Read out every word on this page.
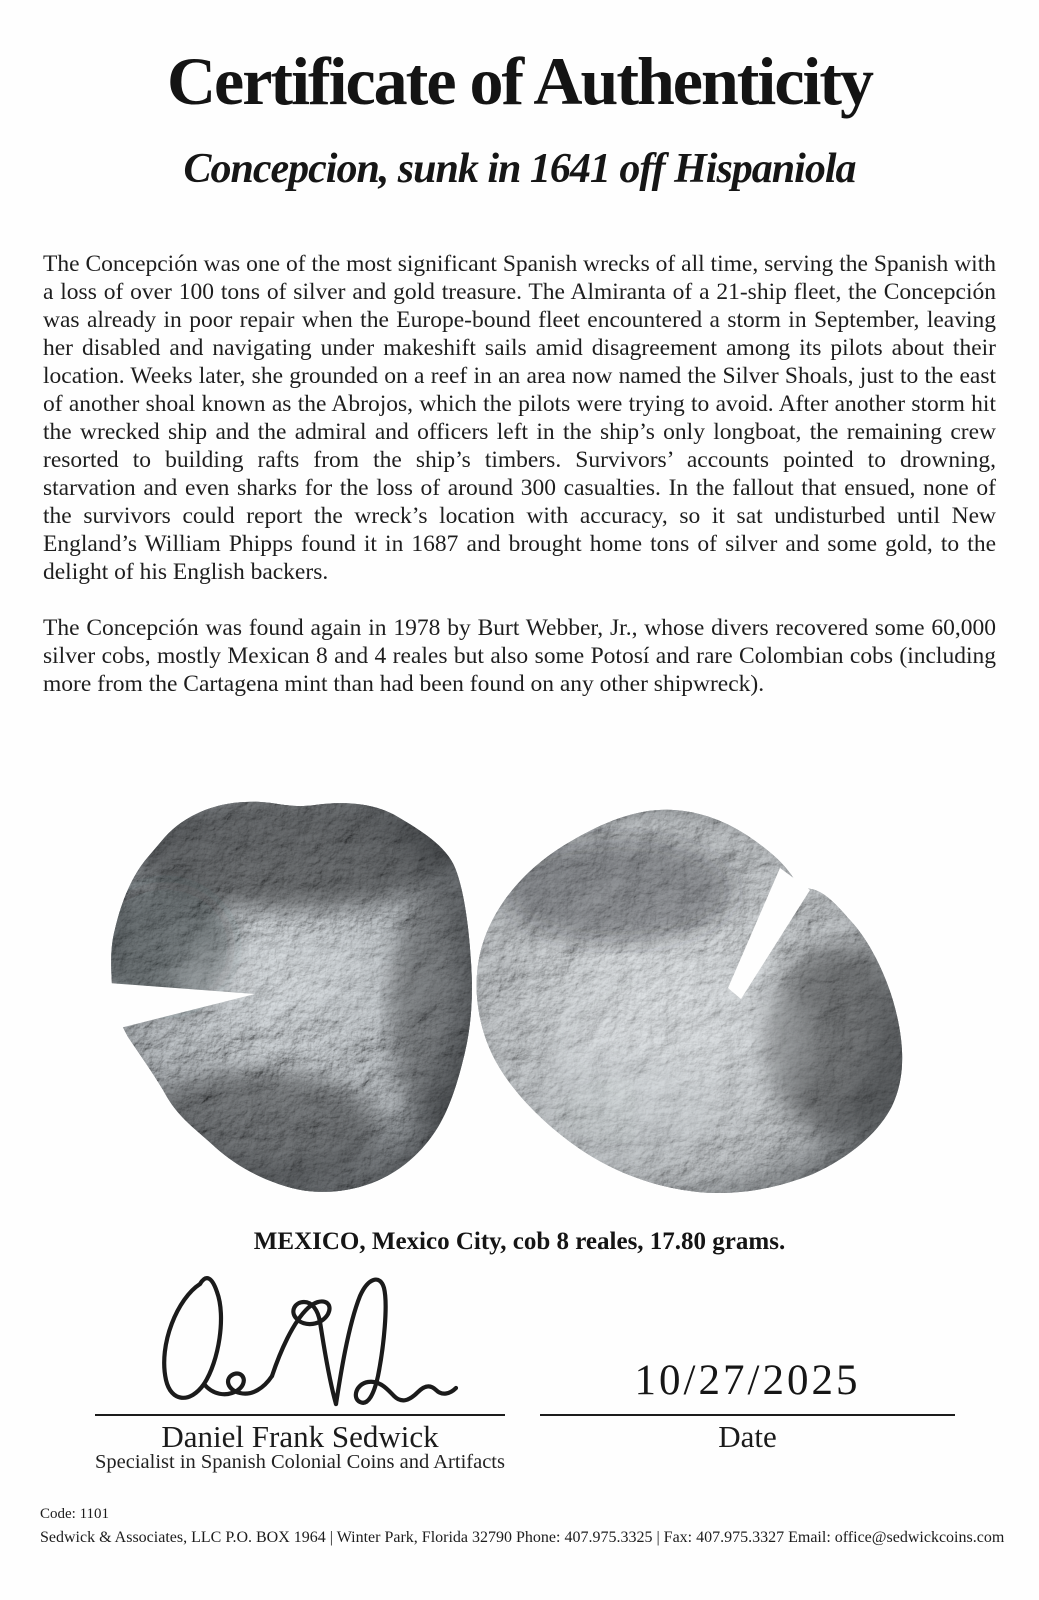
Certificate of Authenticity
Concepcion, sunk in 1641 off Hispaniola

The Concepción was one of the most significant Spanish wrecks of all time, serving the Spanish with a loss of over 100 tons of silver and gold treasure. The Almiranta of a 21-ship fleet, the Concepción was already in poor repair when the Europe-bound fleet encountered a storm in September, leaving her disabled and navigating under makeshift sails amid disagreement among its pilots about their location. Weeks later, she grounded on a reef in an area now named the Silver Shoals, just to the east of another shoal known as the Abrojos, which the pilots were trying to avoid. After another storm hit the wrecked ship and the admiral and officers left in the ship’s only longboat, the remaining crew resorted to building rafts from the ship’s timbers. Survivors’ accounts pointed to drowning, starvation and even sharks for the loss of around 300 casualties. In the fallout that ensued, none of the survivors could report the wreck’s location with accuracy, so it sat undisturbed until New England’s William Phipps found it in 1687 and brought home tons of silver and some gold, to the delight of his English backers.

The Concepción was found again in 1978 by Burt Webber, Jr., whose divers recovered some 60,000 silver cobs, mostly Mexican 8 and 4 reales but also some Potosí and rare Colombian cobs (including more from the Cartagena mint than had been found on any other shipwreck).

MEXICO, Mexico City, cob 8 reales, 17.80 grams.
10/27/2025
Daniel Frank Sedwick
Specialist in Spanish Colonial Coins and Artifacts
Date
Code: 1101
Sedwick & Associates, LLC P.O. BOX 1964 | Winter Park, Florida 32790 Phone: 407.975.3325 | Fax: 407.975.3327 Email: office@sedwickcoins.com
